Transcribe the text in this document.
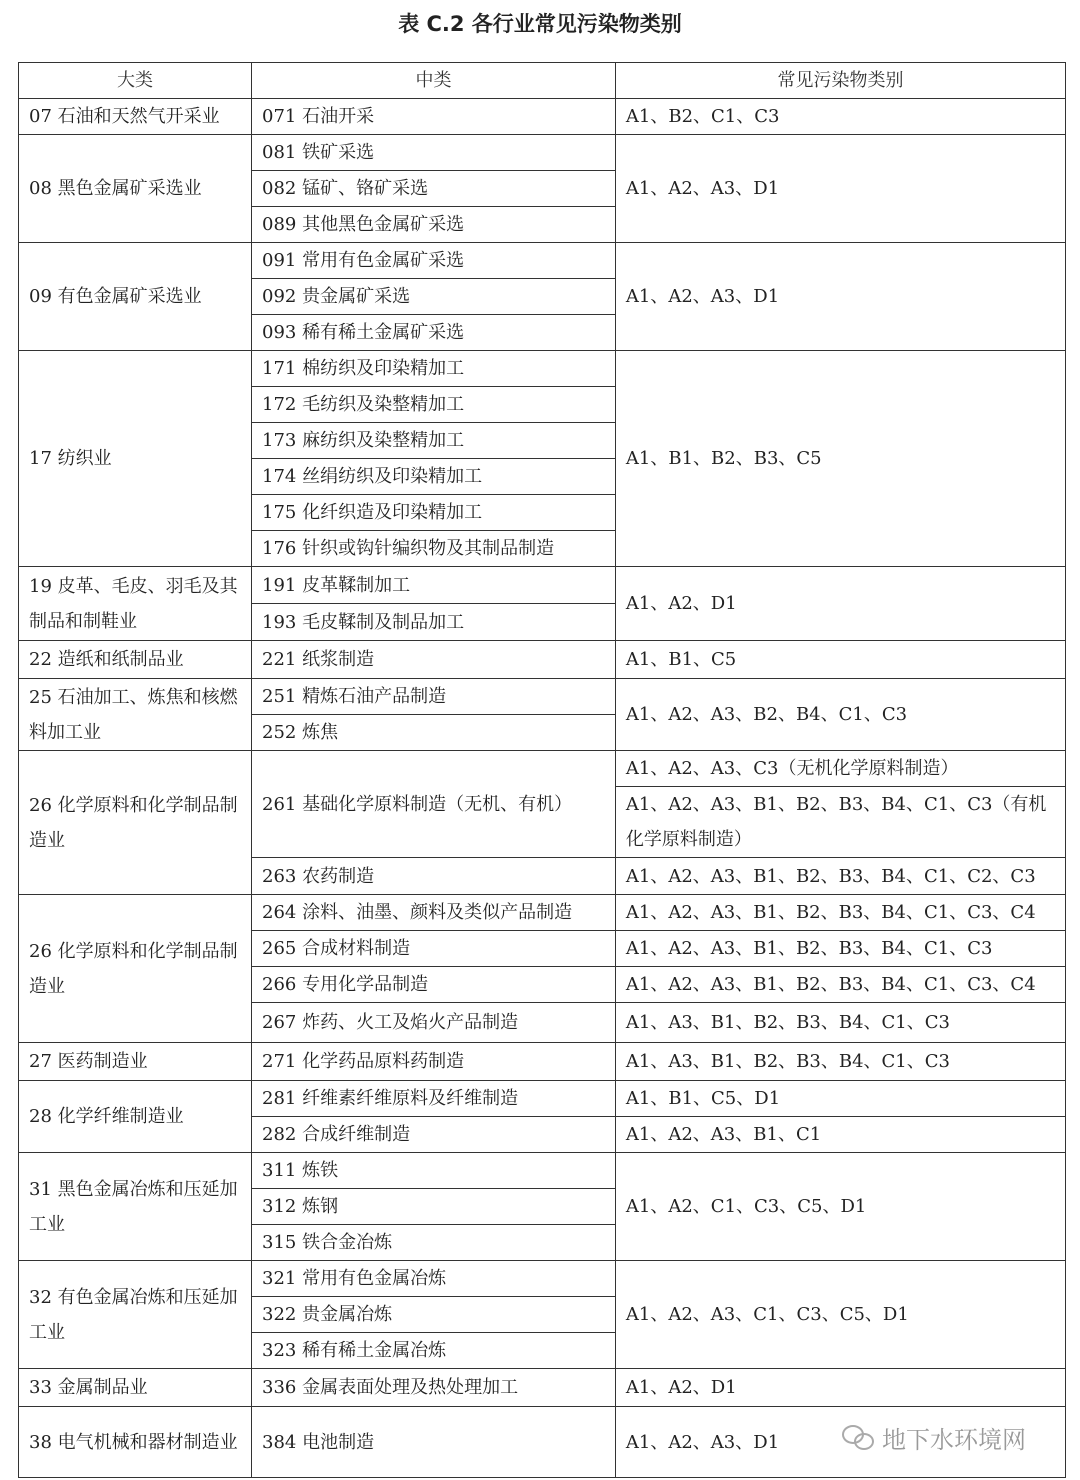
表 C.2 各行业常见污染物类别
大类	中类	常见污染物类别
07 石油和天然气开采业	071 石油开采	A1、B2、C1、C3
08 黑色金属矿采选业	081 铁矿采选	A1、A2、A3、D1
	082 锰矿、铬矿采选	
	089 其他黑色金属矿采选	
09 有色金属矿采选业	091 常用有色金属矿采选	A1、A2、A3、D1
	092 贵金属矿采选	
	093 稀有稀土金属矿采选	
17 纺织业	171 棉纺织及印染精加工	A1、B1、B2、B3、C5
	172 毛纺织及染整精加工	
	173 麻纺织及染整精加工	
	174 丝绢纺织及印染精加工	
	175 化纤织造及印染精加工	
	176 针织或钩针编织物及其制品制造	
19 皮革、毛皮、羽毛及其制品和制鞋业	191 皮革鞣制加工	A1、A2、D1
	193 毛皮鞣制及制品加工	
22 造纸和纸制品业	221 纸浆制造	A1、B1、C5
25 石油加工、炼焦和核燃料加工业	251 精炼石油产品制造	A1、A2、A3、B2、B4、C1、C3
	252 炼焦	
26 化学原料和化学制品制造业	261 基础化学原料制造（无机、有机）	A1、A2、A3、C3（无机化学原料制造）
		A1、A2、A3、B1、B2、B3、B4、C1、C3（有机化学原料制造）
	263 农药制造	A1、A2、A3、B1、B2、B3、B4、C1、C2、C3
26 化学原料和化学制品制造业	264 涂料、油墨、颜料及类似产品制造	A1、A2、A3、B1、B2、B3、B4、C1、C3、C4
	265 合成材料制造	A1、A2、A3、B1、B2、B3、B4、C1、C3
	266 专用化学品制造	A1、A2、A3、B1、B2、B3、B4、C1、C3、C4
	267 炸药、火工及焰火产品制造	A1、A3、B1、B2、B3、B4、C1、C3
27 医药制造业	271 化学药品原料药制造	A1、A3、B1、B2、B3、B4、C1、C3
28 化学纤维制造业	281 纤维素纤维原料及纤维制造	A1、B1、C5、D1
	282 合成纤维制造	A1、A2、A3、B1、C1
31 黑色金属冶炼和压延加工业	311 炼铁	A1、A2、C1、C3、C5、D1
	312 炼钢	
	315 铁合金冶炼	
32 有色金属冶炼和压延加工业	321 常用有色金属冶炼	A1、A2、A3、C1、C3、C5、D1
	322 贵金属冶炼	
	323 稀有稀土金属冶炼	
33 金属制品业	336 金属表面处理及热处理加工	A1、A2、D1
38 电气机械和器材制造业	384 电池制造	A1、A2、A3、D1	地下水环境网
